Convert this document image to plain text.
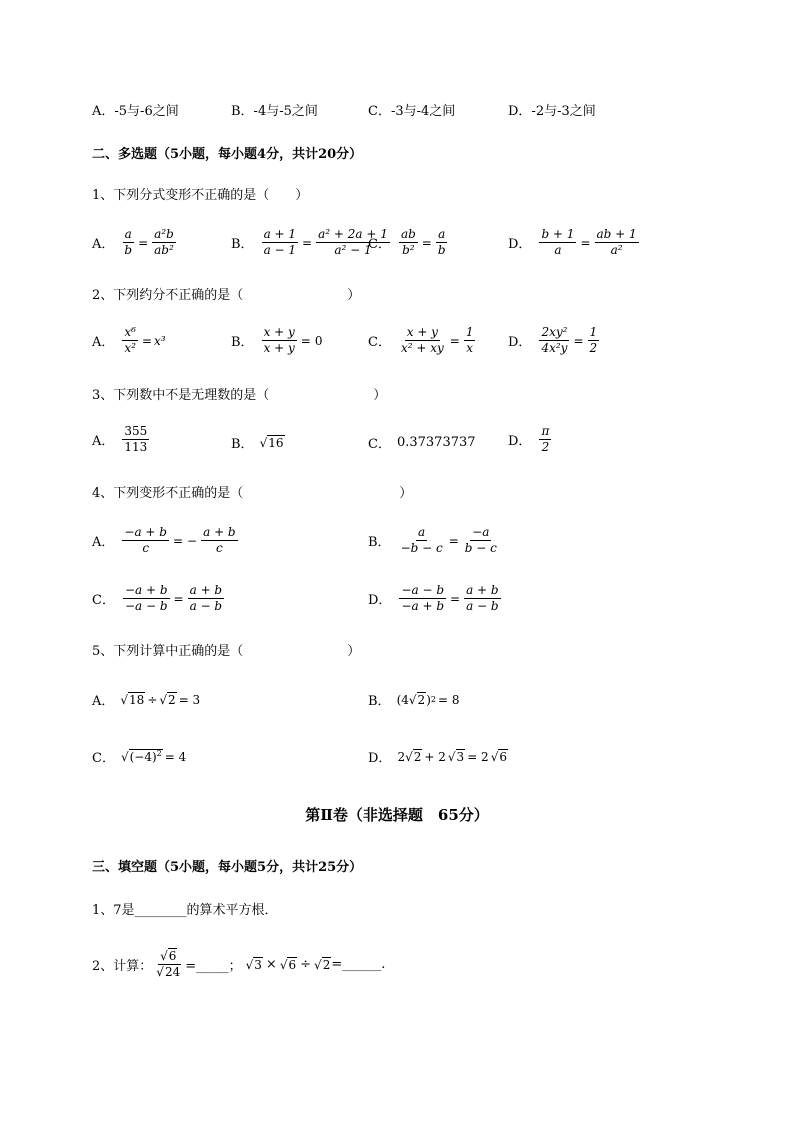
A．-5与-6之间	B．-4与-5之间	C．-3与-4之间	D．-2与-3之间
二、多选题（5小题，每小题4分，共计20分）
1、下列分式变形不正确的是（　　）
A． $\frac{a}{b} = \frac{\text{a²b}}{\text{ab²}}$	B． $\frac{a + 1}{a - 1} = \frac{\text{a² + 2a + 1}}{\text{a² − 1}}$
C． $\frac{ab}{\text{b²}} = \frac{a}{b}$	D． $\frac{b + 1}{a} = \frac{ab + 1}{\text{a²}}$
2、下列约分不正确的是（　　　　　　　　）
A． $\frac{\text{x⁶}}{\text{x²}} = x^3$	B． $\frac{x + y}{x + y} = 0$	C． $\frac{x + y}{\text{x² + xy}} = \frac{1}{x}$	D． $\frac{\text{2xy²}}{\text{4x²y}} = \frac{1}{2}$
3、下列数中不是无理数的是（　　　　　　　　）
A． $\frac{355}{113}$	B． √16	C． 0.37373737 D． $\frac{\pi}{2}$
4、下列变形不正确的是（　　　　　　　　　　　　）
A． $\frac{-a + b}{c}$ = − $\frac{a + b}{c}$	B． $\frac{a}{-b - c} = \frac{-a}{b - c}$
C． $\frac{-a + b}{-a - b} = \frac{a + b}{a - b}$	D． $\frac{-a - b}{-a + b} = \frac{a + b}{a - b}$
5、下列计算中正确的是（　　　　　　　　）
A． √18 ÷ √2 = 3	B． (4 √2 ) 2 = 8
C． $√(-4)^2 = 4$	D． 2 √2 + 2 √3 = 2 √6
第Ⅱ卷（非选择题　65分）
三、填空题（5小题，每小题5分，共计25分）
1、7是________的算术平方根．
2、计算： $\frac{√6}{√24}$ =_____； √3 × √6 ÷ √2 =______.
